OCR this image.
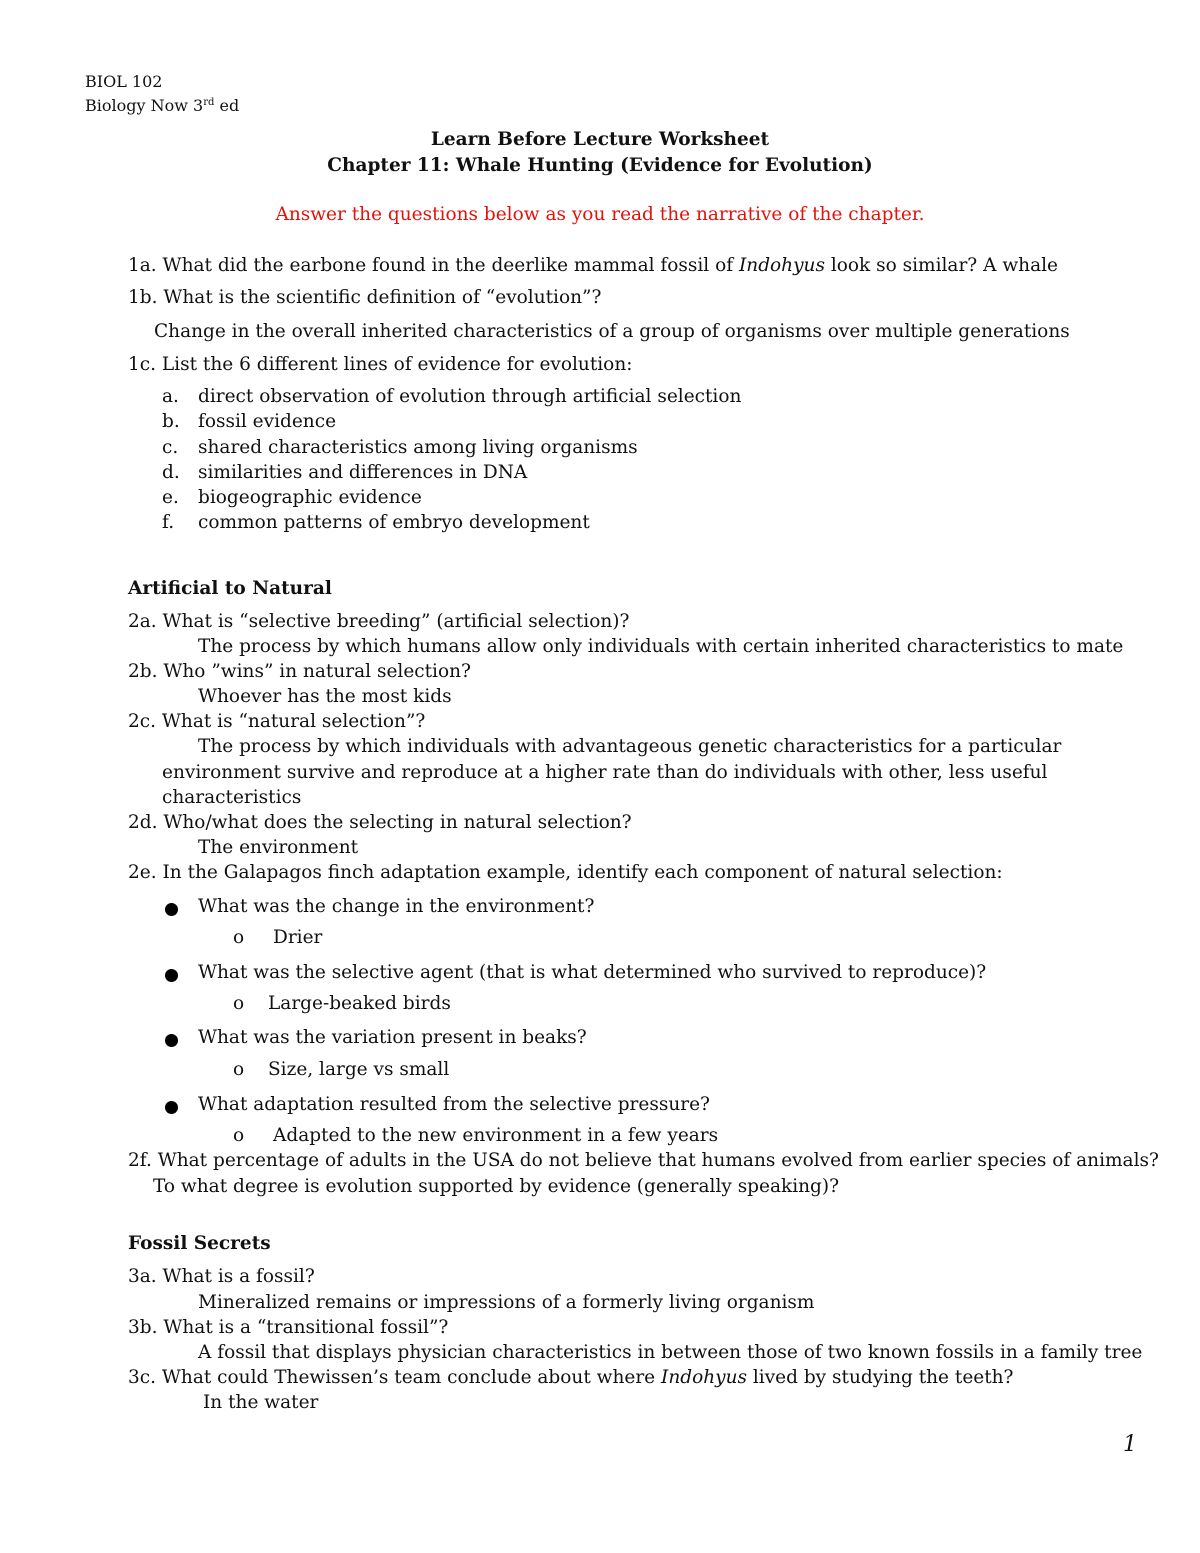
BIOL 102
Biology Now 3rd ed
Learn Before Lecture Worksheet
Chapter 11: Whale Hunting (Evidence for Evolution)
Answer the questions below as you read the narrative of the chapter.
1a. What did the earbone found in the deerlike mammal fossil of Indohyus look so similar? A whale
1b. What is the scientific definition of “evolution”?
Change in the overall inherited characteristics of a group of organisms over multiple generations
1c. List the 6 different lines of evidence for evolution:
a. direct observation of evolution through artificial selection
b. fossil evidence
c. shared characteristics among living organisms
d. similarities and differences in DNA
e. biogeographic evidence
f. common patterns of embryo development
Artificial to Natural
2a. What is “selective breeding” (artificial selection)?
The process by which humans allow only individuals with certain inherited characteristics to mate
2b. Who ”wins” in natural selection?
Whoever has the most kids
2c. What is “natural selection”?
The process by which individuals with advantageous genetic characteristics for a particular
environment survive and reproduce at a higher rate than do individuals with other, less useful
characteristics
2d. Who/what does the selecting in natural selection?
The environment
2e. In the Galapagos finch adaptation example, identify each component of natural selection:
What was the change in the environment?
o Drier
What was the selective agent (that is what determined who survived to reproduce)?
o Large-beaked birds
What was the variation present in beaks?
o Size, large vs small
What adaptation resulted from the selective pressure?
o Adapted to the new environment in a few years
2f. What percentage of adults in the USA do not believe that humans evolved from earlier species of animals?
To what degree is evolution supported by evidence (generally speaking)?
Fossil Secrets
3a. What is a fossil?
Mineralized remains or impressions of a formerly living organism
3b. What is a “transitional fossil”?
A fossil that displays physician characteristics in between those of two known fossils in a family tree
3c. What could Thewissen’s team conclude about where Indohyus lived by studying the teeth?
In the water
1
